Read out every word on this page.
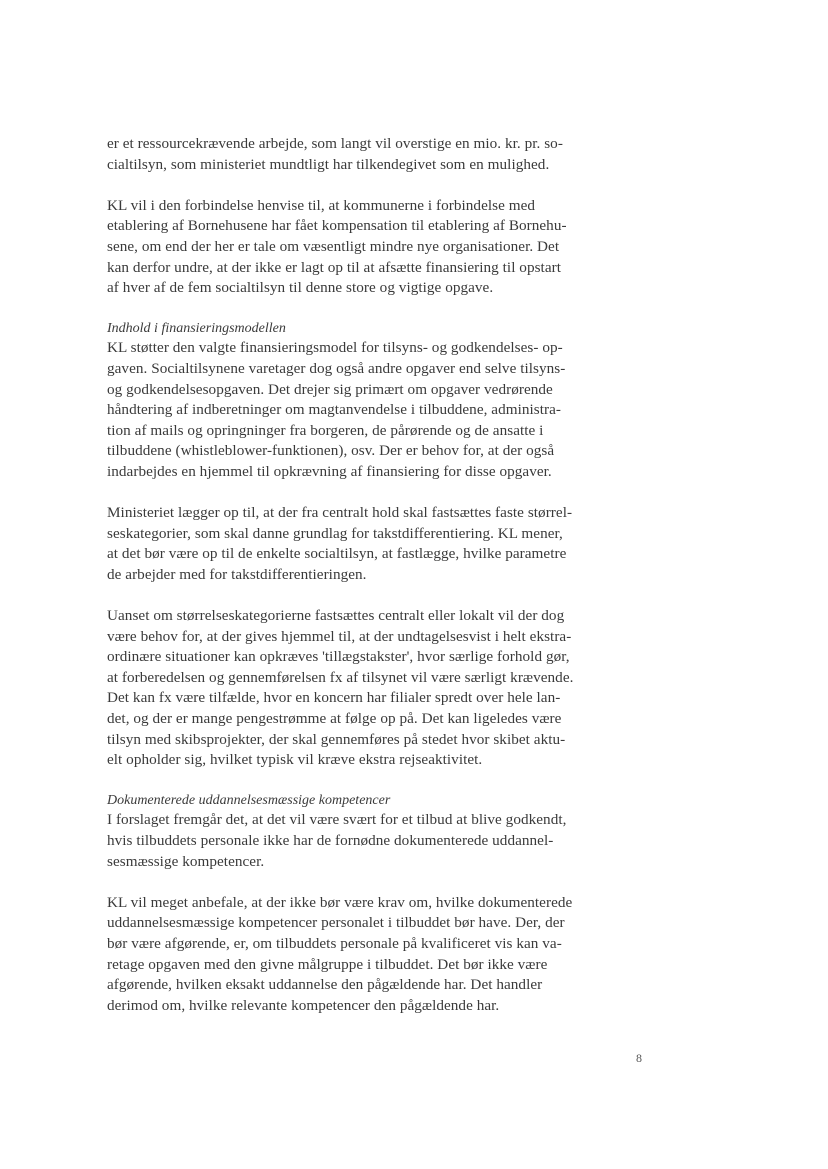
er et ressourcekrævende arbejde, som langt vil overstige en mio. kr. pr. so-
cialtilsyn, som ministeriet mundtligt har tilkendegivet som en mulighed.
KL vil i den forbindelse henvise til, at kommunerne i forbindelse med
etablering af Bornehusene har fået kompensation til etablering af Bornehu-
sene, om end der her er tale om væsentligt mindre nye organisationer. Det
kan derfor undre, at der ikke er lagt op til at afsætte finansiering til opstart
af hver af de fem socialtilsyn til denne store og vigtige opgave.
Indhold i finansieringsmodellen
KL støtter den valgte finansieringsmodel for tilsyns- og godkendelses- op-
gaven. Socialtilsynene varetager dog også andre opgaver end selve tilsyns-
og godkendelsesopgaven. Det drejer sig primært om opgaver vedrørende
håndtering af indberetninger om magtanvendelse i tilbuddene, administra-
tion af mails og opringninger fra borgeren, de pårørende og de ansatte i
tilbuddene (whistleblower-funktionen), osv. Der er behov for, at der også
indarbejdes en hjemmel til opkrævning af finansiering for disse opgaver.
Ministeriet lægger op til, at der fra centralt hold skal fastsættes faste størrel-
seskategorier, som skal danne grundlag for takstdifferentiering. KL mener,
at det bør være op til de enkelte socialtilsyn, at fastlægge, hvilke parametre
de arbejder med for takstdifferentieringen.
Uanset om størrelseskategorierne fastsættes centralt eller lokalt vil der dog
være behov for, at der gives hjemmel til, at der undtagelsesvist i helt ekstra-
ordinære situationer kan opkræves 'tillægstakster', hvor særlige forhold gør,
at forberedelsen og gennemførelsen fx af tilsynet vil være særligt krævende.
Det kan fx være tilfælde, hvor en koncern har filialer spredt over hele lan-
det, og der er mange pengestrømme at følge op på. Det kan ligeledes være
tilsyn med skibsprojekter, der skal gennemføres på stedet hvor skibet aktu-
elt opholder sig, hvilket typisk vil kræve ekstra rejseaktivitet.
Dokumenterede uddannelsesmæssige kompetencer
I forslaget fremgår det, at det vil være svært for et tilbud at blive godkendt,
hvis tilbuddets personale ikke har de fornødne dokumenterede uddannel-
sesmæssige kompetencer.
KL vil meget anbefale, at der ikke bør være krav om, hvilke dokumenterede
uddannelsesmæssige kompetencer personalet i tilbuddet bør have. Der, der
bør være afgørende, er, om tilbuddets personale på kvalificeret vis kan va-
retage opgaven med den givne målgruppe i tilbuddet. Det bør ikke være
afgørende, hvilken eksakt uddannelse den pågældende har. Det handler
derimod om, hvilke relevante kompetencer den pågældende har.
8
